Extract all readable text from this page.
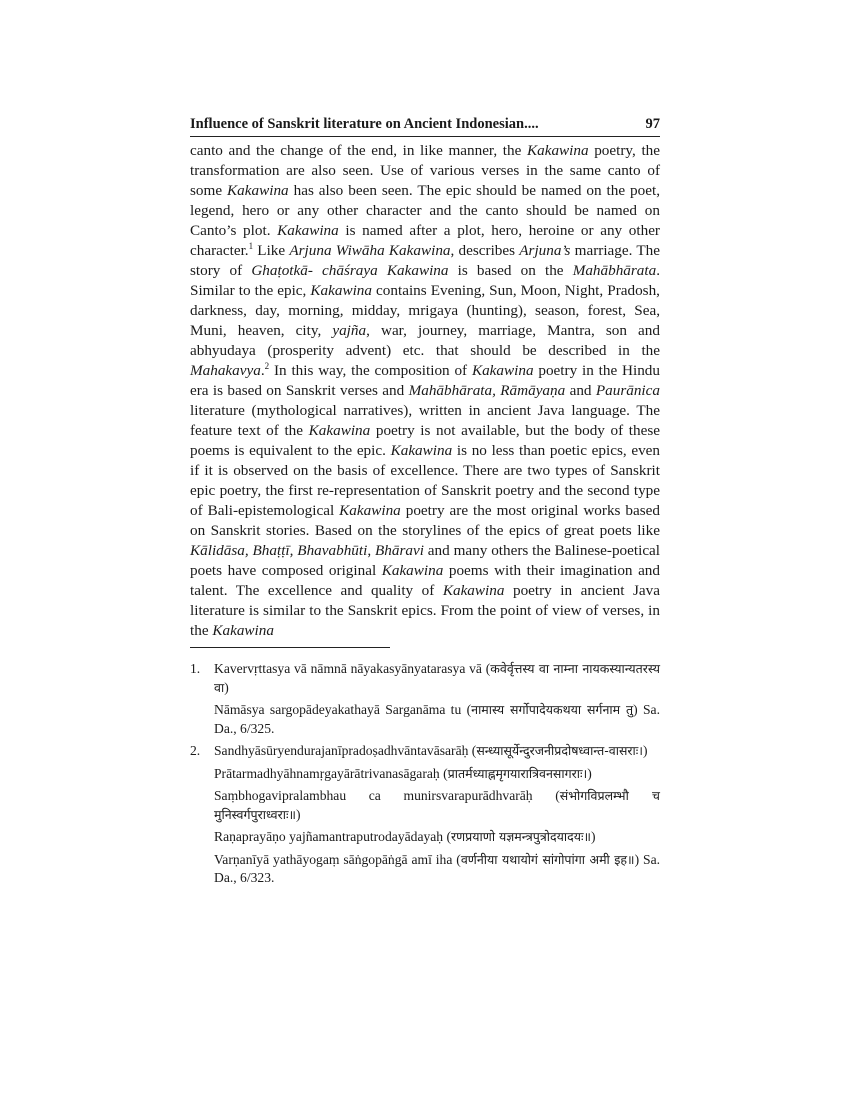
Influence of Sanskrit literature on Ancient Indonesian....	97
canto and the change of the end, in like manner, the Kakawina poetry, the transformation are also seen. Use of various verses in the same canto of some Kakawina has also been seen. The epic should be named on the poet, legend, hero or any other character and the canto should be named on Canto’s plot. Kakawina is named after a plot, hero, heroine or any other character.$^1$ Like Arjuna Wiwāha Kakawina, describes Arjuna’s marriage. The story of Ghaṭotkā- chāśraya Kakawina is based on the Mahābhārata. Similar to the epic, Kakawina contains Evening, Sun, Moon, Night, Pradosh, darkness, day, morning, midday, mrigaya (hunting), season, forest, Sea, Muni, heaven, city, yajña, war, journey, marriage, Mantra, son and abhyudaya (prosperity advent) etc. that should be described in the Mahakavya.$^2$ In this way, the composition of Kakawina poetry in the Hindu era is based on Sanskrit verses and Mahābhārata, Rāmāyaṇa and Paurānica literature (mythological narratives), written in ancient Java language. The feature text of the Kakawina poetry is not available, but the body of these poems is equivalent to the epic. Kakawina is no less than poetic epics, even if it is observed on the basis of excellence. There are two types of Sanskrit epic poetry, the first re-representation of Sanskrit poetry and the second type of Bali-epistemological Kakawina poetry are the most original works based on Sanskrit stories. Based on the storylines of the epics of great poets like Kālidāsa, Bhaṭṭī, Bhavabhūti, Bhāravi and many others the Balinese-poetical poets have composed original Kakawina poems with their imagination and talent. The excellence and quality of Kakawina poetry in ancient Java literature is similar to the Sanskrit epics. From the point of view of verses, in the Kakawina
1.	Kavervṛttasya vā nāmnā nāyakasyānyatarasya vā (कवेर्वृत्तस्य वा नाम्ना नायकस्यान्यतरस्य वा)
Nāmāsya sargopādeyakathayā Sarganāma tu (नामास्य सर्गोपादेयकथया सर्गनाम तु) Sa. Da., 6/325.
2.	Sandhyāsūryendurajanīpradoṣadhvāntavāsarāḥ (सन्ध्यासूर्येन्दुरजनीप्रदोषध्वान्त-वासराः।)
Prātarmadhyāhnamṛgayārātrivanasāgaraḥ (प्रातर्मध्याह्नमृगयारात्रिवनसागराः।)
Saṃbhogavipralambhau ca munirsvarapurādhvarāḥ (संभोगविप्रलम्भौ च मुनिस्वर्गपुराध्वराः॥)
Raṇaprayāṇo yajñamantraputrodayādayaḥ (रणप्रयाणो यज्ञमन्त्रपुत्रोदयादयः॥)
Varṇanīyā yathāyogaṃ sāṅgopāṅgā amī iha (वर्णनीया यथायोगं सांगोपांगा अमी इह॥) Sa. Da., 6/323.
